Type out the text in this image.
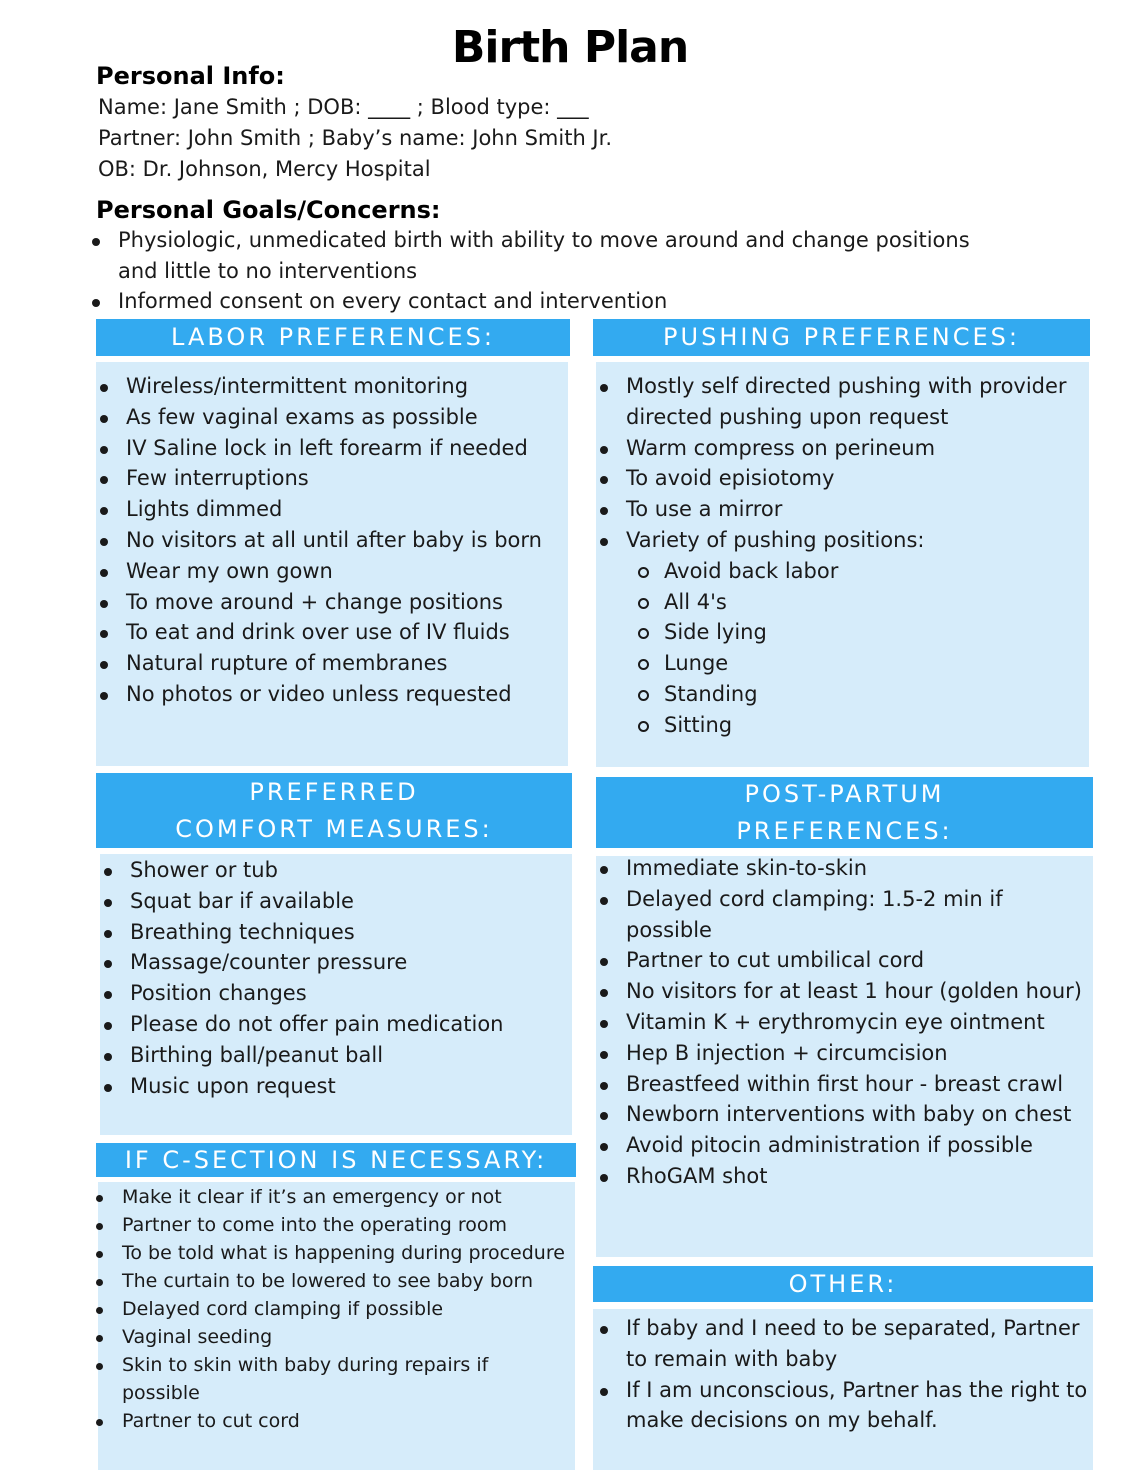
Birth Plan
Personal Info:
Name: Jane Smith ; DOB: ____ ; Blood type: ___
Partner: John Smith ; Baby’s name: John Smith Jr.
OB: Dr. Johnson, Mercy Hospital
Personal Goals/Concerns:
Physiologic, unmedicated birth with ability to move around and change positions and little to no interventions
Informed consent on every contact and intervention
LABOR PREFERENCES:
Wireless/intermittent monitoring
As few vaginal exams as possible
IV Saline lock in left forearm if needed
Few interruptions
Lights dimmed
No visitors at all until after baby is born
Wear my own gown
To move around + change positions
To eat and drink over use of IV fluids
Natural rupture of membranes
No photos or video unless requested
PUSHING PREFERENCES:
Mostly self directed pushing with provider directed pushing upon request
Warm compress on perineum
To avoid episiotomy
To use a mirror
Variety of pushing positions:
Avoid back labor
All 4's
Side lying
Lunge
Standing
Sitting
PREFERRED
COMFORT MEASURES:
Shower or tub
Squat bar if available
Breathing techniques
Massage/counter pressure
Position changes
Please do not offer pain medication
Birthing ball/peanut ball
Music upon request
POST-PARTUM
PREFERENCES:
Immediate skin-to-skin
Delayed cord clamping: 1.5-2 min if possible
Partner to cut umbilical cord
No visitors for at least 1 hour (golden hour)
Vitamin K + erythromycin eye ointment
Hep B injection + circumcision
Breastfeed within first hour - breast crawl
Newborn interventions with baby on chest
Avoid pitocin administration if possible
RhoGAM shot
IF C-SECTION IS NECESSARY:
Make it clear if it’s an emergency or not
Partner to come into the operating room
To be told what is happening during procedure
The curtain to be lowered to see baby born
Delayed cord clamping if possible
Vaginal seeding
Skin to skin with baby during repairs if possible
Partner to cut cord
OTHER:
If baby and I need to be separated, Partner to remain with baby
If I am unconscious, Partner has the right to make decisions on my behalf.
